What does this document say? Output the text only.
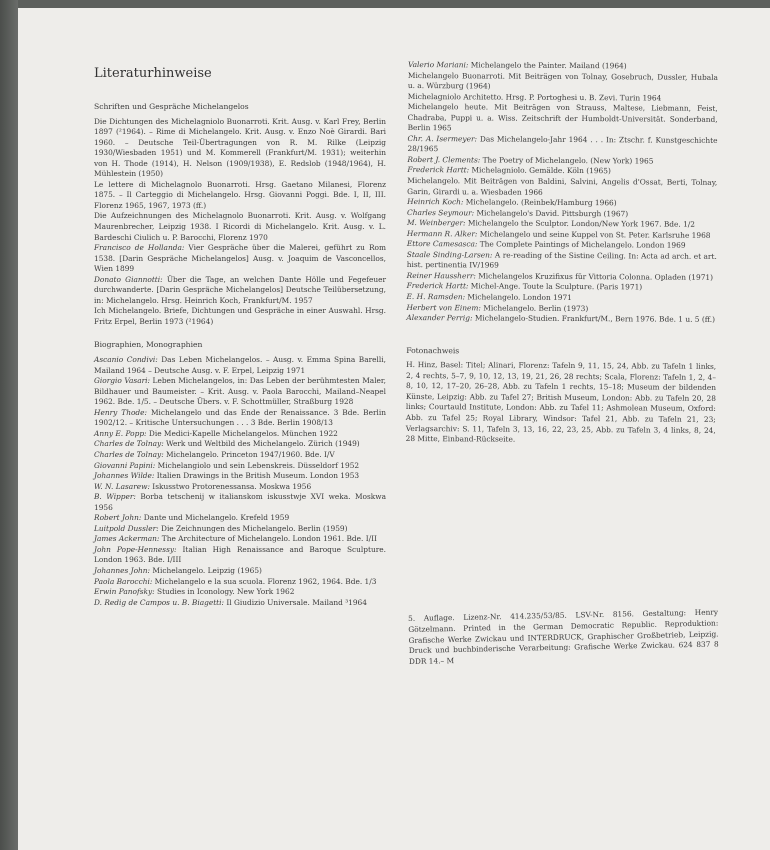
Literaturhinweise
Schriften und Gespräche Michelangelos
Die Dichtungen des Michelagniolo Buonarroti. Krit. Ausg. v. Karl Frey, Berlin 1897 (²1964). – Rime di Michelangelo. Krit. Ausg. v. Enzo Noè Girardi. Bari 1960. – Deutsche Teil-Übertragungen von R. M. Rilke (Leipzig 1930/Wiesbaden 1951) und M. Kommerell (Frankfurt/M. 1931); weiterhin von H. Thode (1914), H. Nelson (1909/1938), E. Redslob (1948/1964), H. Mühlestein (1950)
Le lettere di Michelagnolo Buonarroti. Hrsg. Gaetano Milanesi, Florenz 1875. – Il Carteggio di Michelangelo. Hrsg. Giovanni Poggi. Bde. I, II, III. Florenz 1965, 1967, 1973 (ff.)
Die Aufzeichnungen des Michelagnolo Buonarroti. Krit. Ausg. v. Wolfgang Maurenbrecher, Leipzig 1938. I Ricordi di Michelangelo. Krit. Ausg. v. L. Bardeschi Ciulich u. P. Barocchi, Florenz 1970
Francisco de Hollanda: Vier Gespräche über die Malerei, geführt zu Rom 1538. [Darin Gespräche Michelangelos] Ausg. v. Joaquim de Vasconcellos, Wien 1899
Donato Giannotti: Über die Tage, an welchen Dante Hölle und Fegefeuer durchwanderte. [Darin Gespräche Michelangelos] Deutsche Teilübersetzung, in: Michelangelo. Hrsg. Heinrich Koch, Frankfurt/M. 1957
Ich Michelangelo. Briefe, Dichtungen und Gespräche in einer Auswahl. Hrsg. Fritz Erpel, Berlin 1973 (²1964)
Biographien, Monographien
Ascanio Condivi: Das Leben Michelangelos. – Ausg. v. Emma Spina Barelli, Mailand 1964 – Deutsche Ausg. v. F. Erpel, Leipzig 1971
Giorgio Vasari: Leben Michelangelos, in: Das Leben der berühmtesten Maler, Bildhauer und Baumeister. – Krit. Ausg. v. Paola Barocchi, Mailand–Neapel 1962. Bde. 1/5. – Deutsche Übers. v. F. Schottmüller, Straßburg 1928
Henry Thode: Michelangelo und das Ende der Renaissance. 3 Bde. Berlin 1902/12. – Kritische Untersuchungen . . . 3 Bde. Berlin 1908/13
Anny E. Popp: Die Medici-Kapelle Michelangelos. München 1922
Charles de Tolnay: Werk und Weltbild des Michelangelo. Zürich (1949)
Charles de Tolnay: Michelangelo. Princeton 1947/1960. Bde. I/V
Giovanni Papini: Michelangiolo und sein Lebenskreis. Düsseldorf 1952
Johannes Wilde: Italien Drawings in the British Museum. London 1953
W. N. Lasarew: Iskusstwo Protorenessansa. Moskwa 1956
B. Wipper: Borba tetschenij w italianskom iskusstwje XVI weka. Moskwa 1956
Robert John: Dante und Michelangelo. Krefeld 1959
Luitpold Dussler: Die Zeichnungen des Michelangelo. Berlin (1959)
James Ackerman: The Architecture of Michelangelo. London 1961. Bde. I/II
John Pope-Hennessy: Italian High Renaissance and Baroque Sculpture. London 1963. Bde. I/III
Johannes John: Michelangelo. Leipzig (1965)
Paola Barocchi: Michelangelo e la sua scuola. Florenz 1962, 1964. Bde. 1/3
Erwin Panofsky: Studies in Iconology. New York 1962
D. Redig de Campos u. B. Biagetti: Il Giudizio Universale. Mailand ³1964
Valerio Mariani: Michelangelo the Painter. Mailand (1964)
Michelangelo Buonarroti. Mit Beiträgen von Tolnay, Gosebruch, Dussler, Hubala u. a. Würzburg (1964)
Michelagniolo Architetto. Hrsg. P. Portoghesi u. B. Zevi. Turin 1964
Michelangelo heute. Mit Beiträgen von Strauss, Maltese, Liebmann, Feist, Chadraba, Puppi u. a. Wiss. Zeitschrift der Humboldt-Universität. Sonderband, Berlin 1965
Chr. A. Isermeyer: Das Michelangelo-Jahr 1964 . . . In: Ztschr. f. Kunstgeschichte 28/1965
Robert J. Clements: The Poetry of Michelangelo. (New York) 1965
Frederick Hartt: Michelagniolo. Gemälde. Köln (1965)
Michelangelo. Mit Beiträgen von Baldini, Salvini, Angelis d'Ossat, Berti, Tolnay, Garin, Girardi u. a. Wiesbaden 1966
Heinrich Koch: Michelangelo. (Reinbek/Hamburg 1966)
Charles Seymour: Michelangelo's David. Pittsburgh (1967)
M. Weinberger: Michelangelo the Sculptor. London/New York 1967. Bde. 1/2
Hermann R. Alker: Michelangelo und seine Kuppel von St. Peter. Karlsruhe 1968
Ettore Camesasca: The Complete Paintings of Michelangelo. London 1969
Staale Sinding-Larsen: A re-reading of the Sistine Ceiling. In: Acta ad arch. et art. hist. pertinentia IV/1969
Reiner Haussherr: Michelangelos Kruzifixus für Vittoria Colonna. Opladen (1971)
Frederick Hartt: Michel-Ange. Toute la Sculpture. (Paris 1971)
E. H. Ramsden: Michelangelo. London 1971
Herbert von Einem: Michelangelo. Berlin (1973)
Alexander Perrig: Michelangelo-Studien. Frankfurt/M., Bern 1976. Bde. 1 u. 5 (ff.)
Fotonachweis
H. Hinz, Basel: Titel; Alinari, Florenz: Tafeln 9, 11, 15, 24, Abb. zu Tafeln 1 links, 2, 4 rechts, 5–7, 9, 10, 12, 13, 19, 21, 26, 28 rechts; Scala, Florenz: Tafeln 1, 2, 4–8, 10, 12, 17–20, 26–28, Abb. zu Tafeln 1 rechts, 15–18; Museum der bildenden Künste, Leipzig: Abb. zu Tafel 27; British Museum, London: Abb. zu Tafeln 20, 28 links; Courtauld Institute, London: Abb. zu Tafel 11; Ashmolean Museum, Oxford: Abb. zu Tafel 25; Royal Library, Windsor: Tafel 21, Abb. zu Tafeln 21, 23; Verlagsarchiv: S. 11, Tafeln 3, 13, 16, 22, 23, 25, Abb. zu Tafeln 3, 4 links, 8, 24, 28 Mitte, Einband-Rückseite.
5. Auflage. Lizenz-Nr. 414.235/53/85. LSV-Nr. 8156. Gestaltung: Henry Götzelmann. Printed in the German Democratic Republic. Reproduktion: Grafische Werke Zwickau und INTERDRUCK, Graphischer Großbetrieb, Leipzig. Druck und buchbinderische Verarbeitung: Grafische Werke Zwickau. 624 837 8 DDR 14.– M
